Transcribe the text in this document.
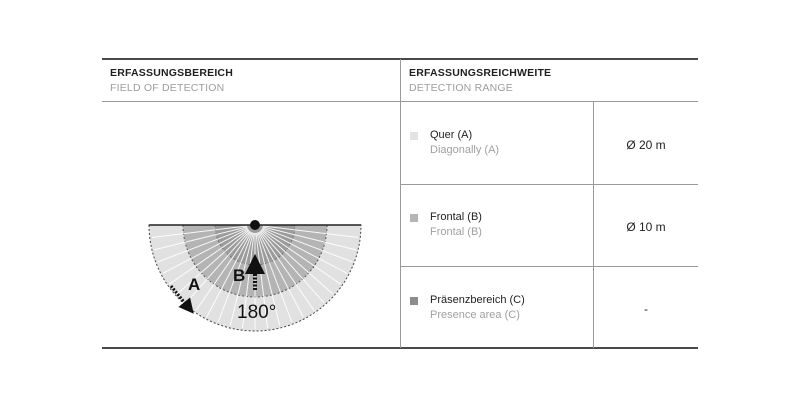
ERFASSUNGSBEREICH
FIELD OF DETECTION
ERFASSUNGSREICHWEITE
DETECTION RANGE
A B
180°
Quer (A)
Diagonally (A)	Ø 20 m
Frontal (B)
Frontal (B)	Ø 10 m
Präsenzbereich (C)
Presence area (C)	-
